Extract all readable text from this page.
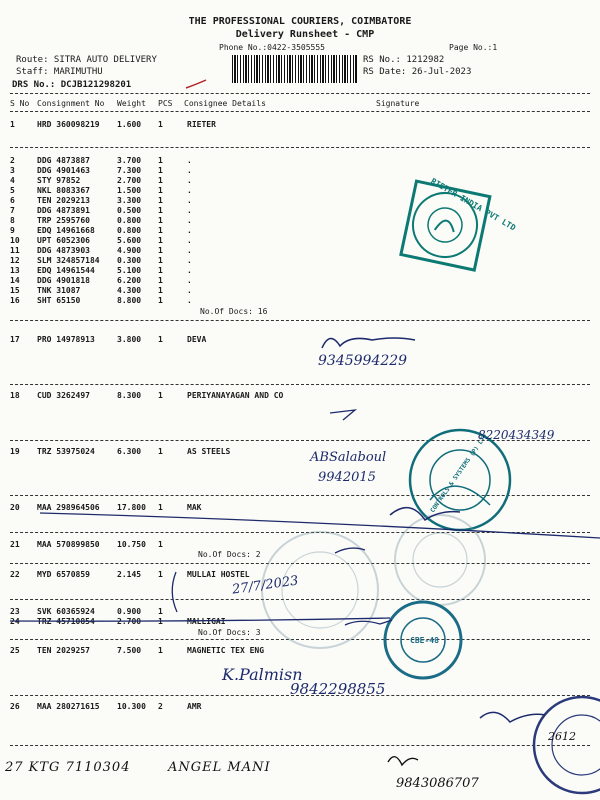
THE PROFESSIONAL COURIERS, COIMBATORE
Delivery Runsheet - CMP
Phone No.:0422-3505555	Page No.:1
Route: SITRA AUTO DELIVERY
Staff: MARIMUTHU
DRS No.: DCJB121298201
RS No.: 1212982
RS Date: 26-Jul-2023
S No Consignment No Weight PCS Consignee Details	Signature
1	HRD 360098219 1.600 1	RIETER
2	DDG 4873887	3.700 1	.
3	DDG 4901463	7.300 1	.
4	STY 97852	2.700 1	.
5	NKL 8083367	1.500 1	.
6	TEN 2029213	3.300 1	.
7	DDG 4873891	0.500 1	.
8	TRP 2595760	0.800 1	.
9	EDQ 14961668	0.800 1	.
10 UPT 6052306	5.600 1	.
11 DDG 4873903	4.900 1	.
12 SLM 324857184 0.300 1	.
13 EDQ 14961544	5.100 1	.
14 DDG 4901818	6.200 1	.
15 TNK 31087	4.300 1	.
16 SHT 65150	8.800 1	.
No.Of Docs: 16
17 PRO 14978913	3.800 1	DEVA
18 CUD 3262497	8.300 1	PERIYANAYAGAN AND CO
19 TRZ 53975024	6.300 1	AS STEELS
20 MAA 298964506 17.800 1	MAK
21 MAA 570899850 10.750 1
No.Of Docs: 2
22 MYD 6570859	2.145 1	MULLAI HOSTEL
23 SVK 60365924	0.900 1
24 TRZ 45710854	2.700 1	MALLIGAI
No.Of Docs: 3
25 TEN 2029257	7.500 1	MAGNETIC TEX ENG
26 MAA 280271615 10.300 2	AMR
RIETER INDIA PVT LTD
CONTROLS & SYSTEMS (P) LTD
CBE-48
9345994229
8220434349
ABSalaboul
9942015
27/7/2023
K.Palmisn
9842298855
2612
27 KTG 7110304	ANGEL MANI
9843086707
